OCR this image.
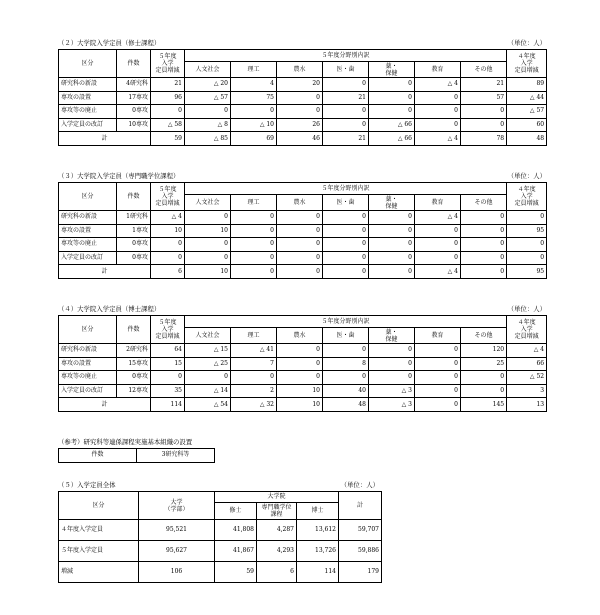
（２）大学院入学定員（修士課程）	（単位：人）
区分	件数	５年度
入学
定員増減	５年度分野別内訳							４年度
入学
定員増減
			人文社会	理工	農水	医・歯	薬・
保健	教育	その他	
研究科の新設	4研究科	21	△ 20	4	20	0	0	△ 4	21	89
専攻の設置	17専攻	96	△ 57	75	0	21	0	0	57	△ 44
専攻等の廃止	0専攻	0	0	0	0	0	0	0	0	△ 57
入学定員の改訂	10専攻	△ 58	△ 8	△ 10	26	0	△ 66	0	0	60
計		59	△ 85	69	46	21	△ 66	△ 4	78	48
（３）大学院入学定員（専門職学位課程）	（単位：人）
区分	件数	５年度
入学
定員増減	５年度分野別内訳							４年度
入学
定員増減
			人文社会	理工	農水	医・歯	薬・
保健	教育	その他	
研究科の新設	1研究科	△ 4	0	0	0	0	0	△ 4	0	0
専攻の設置	1専攻	10	10	0	0	0	0	0	0	95
専攻等の廃止	0専攻	0	0	0	0	0	0	0	0	0
入学定員の改訂	0専攻	0	0	0	0	0	0	0	0	0
計		6	10	0	0	0	0	△ 4	0	95
（４）大学院入学定員（博士課程）	（単位：人）
区分	件数	５年度
入学
定員増減	５年度分野別内訳							４年度
入学
定員増減
			人文社会	理工	農水	医・歯	薬・
保健	教育	その他	
研究科の新設	2研究科	64	△ 15	△ 41	0	0	0	0	120	△ 4
専攻の設置	15専攻	15	△ 25	7	0	8	0	0	25	66
専攻等の廃止	0専攻	0	0	0	0	0	0	0	0	△ 52
入学定員の改訂	12専攻	35	△ 14	2	10	40	△ 3	0	0	3
計		114	△ 54	△ 32	10	48	△ 3	0	145	13
（参考）研究科等連係課程実施基本組織の設置
件数	3研究科等
（５）入学定員全体	（単位：人）
区分	大学
（学部）	大学院			計
		修士	専門職学位
課程	博士	
４年度入学定員	95,521	41,808	4,287	13,612	59,707
５年度入学定員	95,627	41,867	4,293	13,726	59,886
増減	106	59	6	114	179
